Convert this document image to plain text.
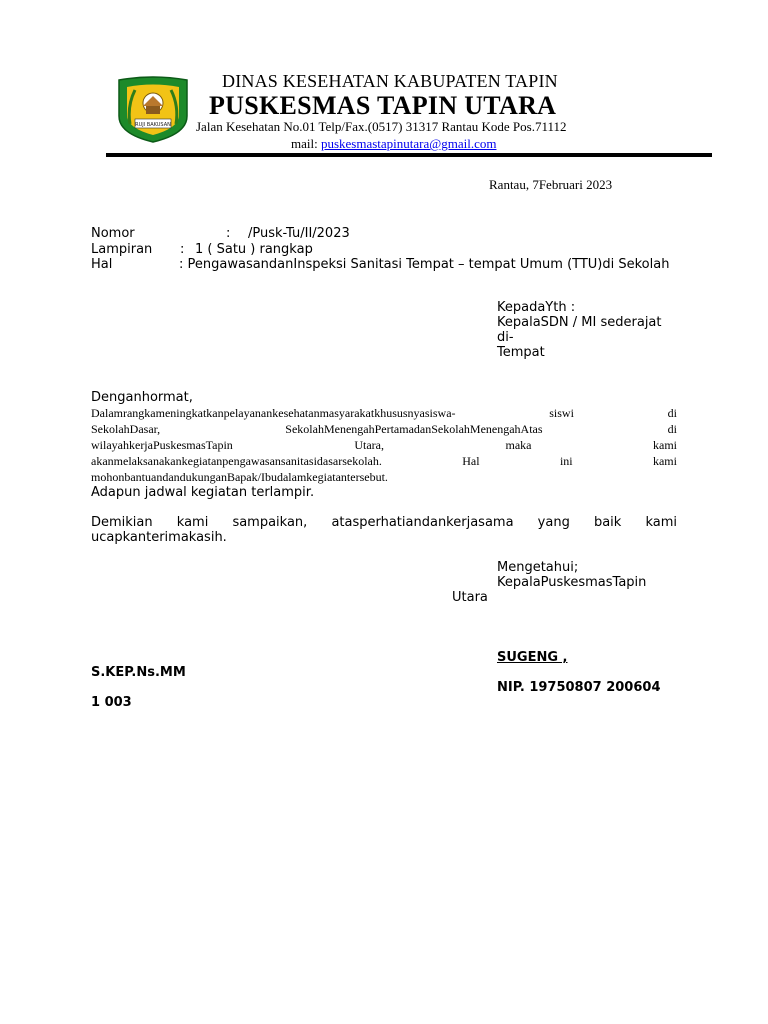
RUJI BAKUSAN
DINAS KESEHATAN KABUPATEN TAPIN
PUSKESMAS TAPIN UTARA
Jalan Kesehatan No.01 Telp/Fax.(0517) 31317 Rantau Kode Pos.71112
mail: puskesmastapinutara@gmail.com
Rantau, 7Februari 2023
Nomor	: /Pusk-Tu/II/2023
Lampiran : 1 ( Satu ) rangkap
Hal	: PengawasandanInspeksi Sanitasi Tempat – tempat Umum (TTU)di Sekolah
KepadaYth :
KepalaSDN / MI sederajat
di-
Tempat
Denganhormat,
Dalamrangkameningkatkanpelayanankesehatanmasyarakatkhususnyasiswa-	siswi	di
SekolahDasar,	SekolahMenengahPertamadanSekolahMenengahAtas	di
wilayahkerjaPuskesmasTapin	Utara,	maka	kami
akanmelaksanakankegiatanpengawasansanitasidasarsekolah.	Hal	ini	kami
mohonbantuandandukunganBapak/Ibudalamkegiatantersebut.
Adapun jadwal kegiatan terlampir.
Demikian kami sampaikan, atasperhatiandankerjasama yang baik kami
ucapkanterimakasih.
Mengetahui;
KepalaPuskesmasTapin
Utara
SUGENG ,
S.KEP.Ns.MM
NIP. 19750807 200604
1 003
